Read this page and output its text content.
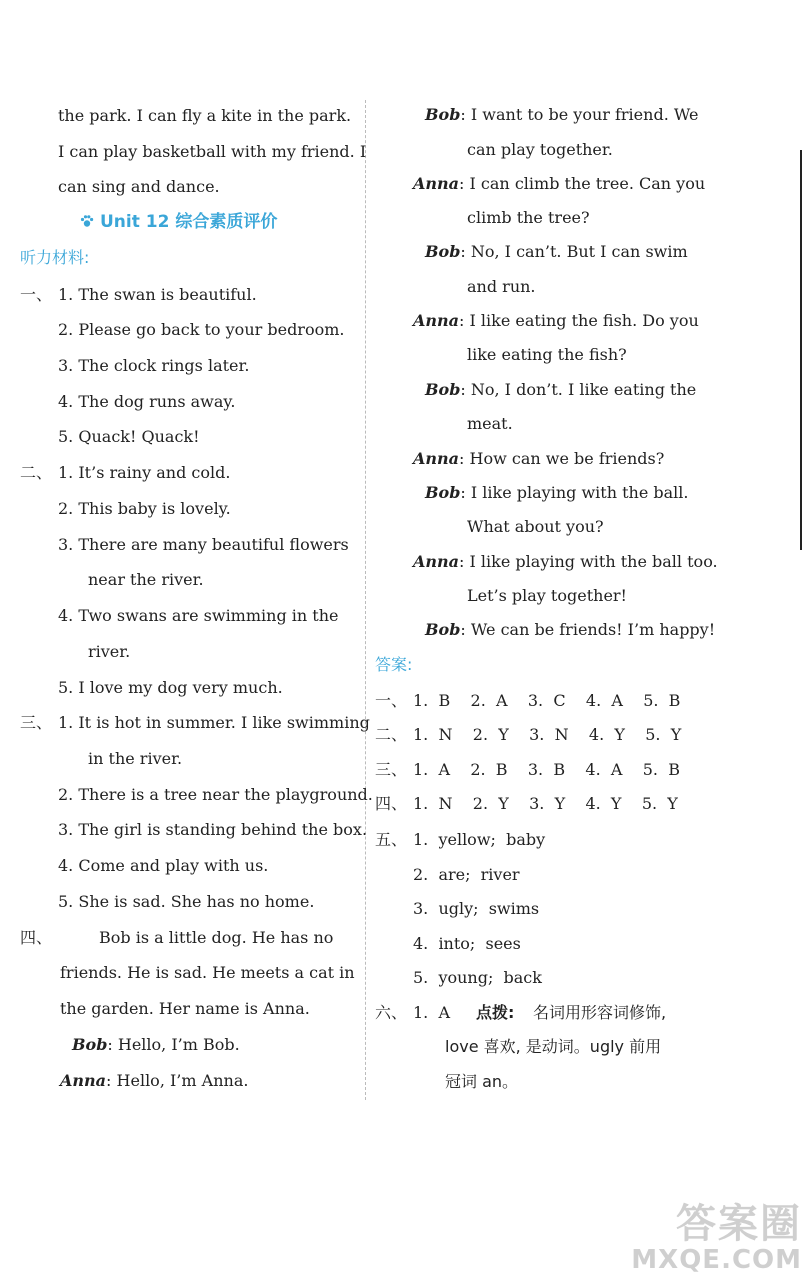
the park. I can fly a kite in the park.
I can play basketball with my friend. I
can sing and dance.
Unit 12 综合素质评价
听力材料:
一、 1. The swan is beautiful.
2. Please go back to your bedroom.
3. The clock rings later.
4. The dog runs away.
5. Quack! Quack!
二、 1. It’s rainy and cold.
2. This baby is lovely.
3. There are many beautiful flowers
near the river.
4. Two swans are swimming in the
river.
5. I love my dog very much.
三、 1. It is hot in summer. I like swimming
in the river.
2. There is a tree near the playground.
3. The girl is standing behind the box.
4. Come and play with us.
5. She is sad. She has no home.
四、	Bob is a little dog. He has no
friends. He is sad. He meets a cat in
the garden. Her name is Anna.
Bob: Hello, I’m Bob.
Anna: Hello, I’m Anna.
Bob: I want to be your friend. We
can play together.
Anna: I can climb the tree. Can you
climb the tree?
Bob: No, I can’t. But I can swim
and run.
Anna: I like eating the fish. Do you
like eating the fish?
Bob: No, I don’t. I like eating the
meat.
Anna: How can we be friends?
Bob: I like playing with the ball.
What about you?
Anna: I like playing with the ball too.
Let’s play together!
Bob: We can be friends! I’m happy!
答案:
一、 1.  B    2.  A    3.  C    4.  A    5.  B
二、 1.  N    2.  Y    3.  N    4.  Y    5.  Y
三、 1.  A    2.  B    3.  B    4.  A    5.  B
四、 1.  N    2.  Y    3.  Y    4.  Y    5.  Y
五、 1.  yellow;  baby
2.  are;  river
3.  ugly;  swims
4.  into;  sees
5.  young;  back
六、 1.  A 点拨: 名词用形容词修饰,
love 喜欢, 是动词。ugly 前用
冠词 an。
答案圈
MXQE.COM
